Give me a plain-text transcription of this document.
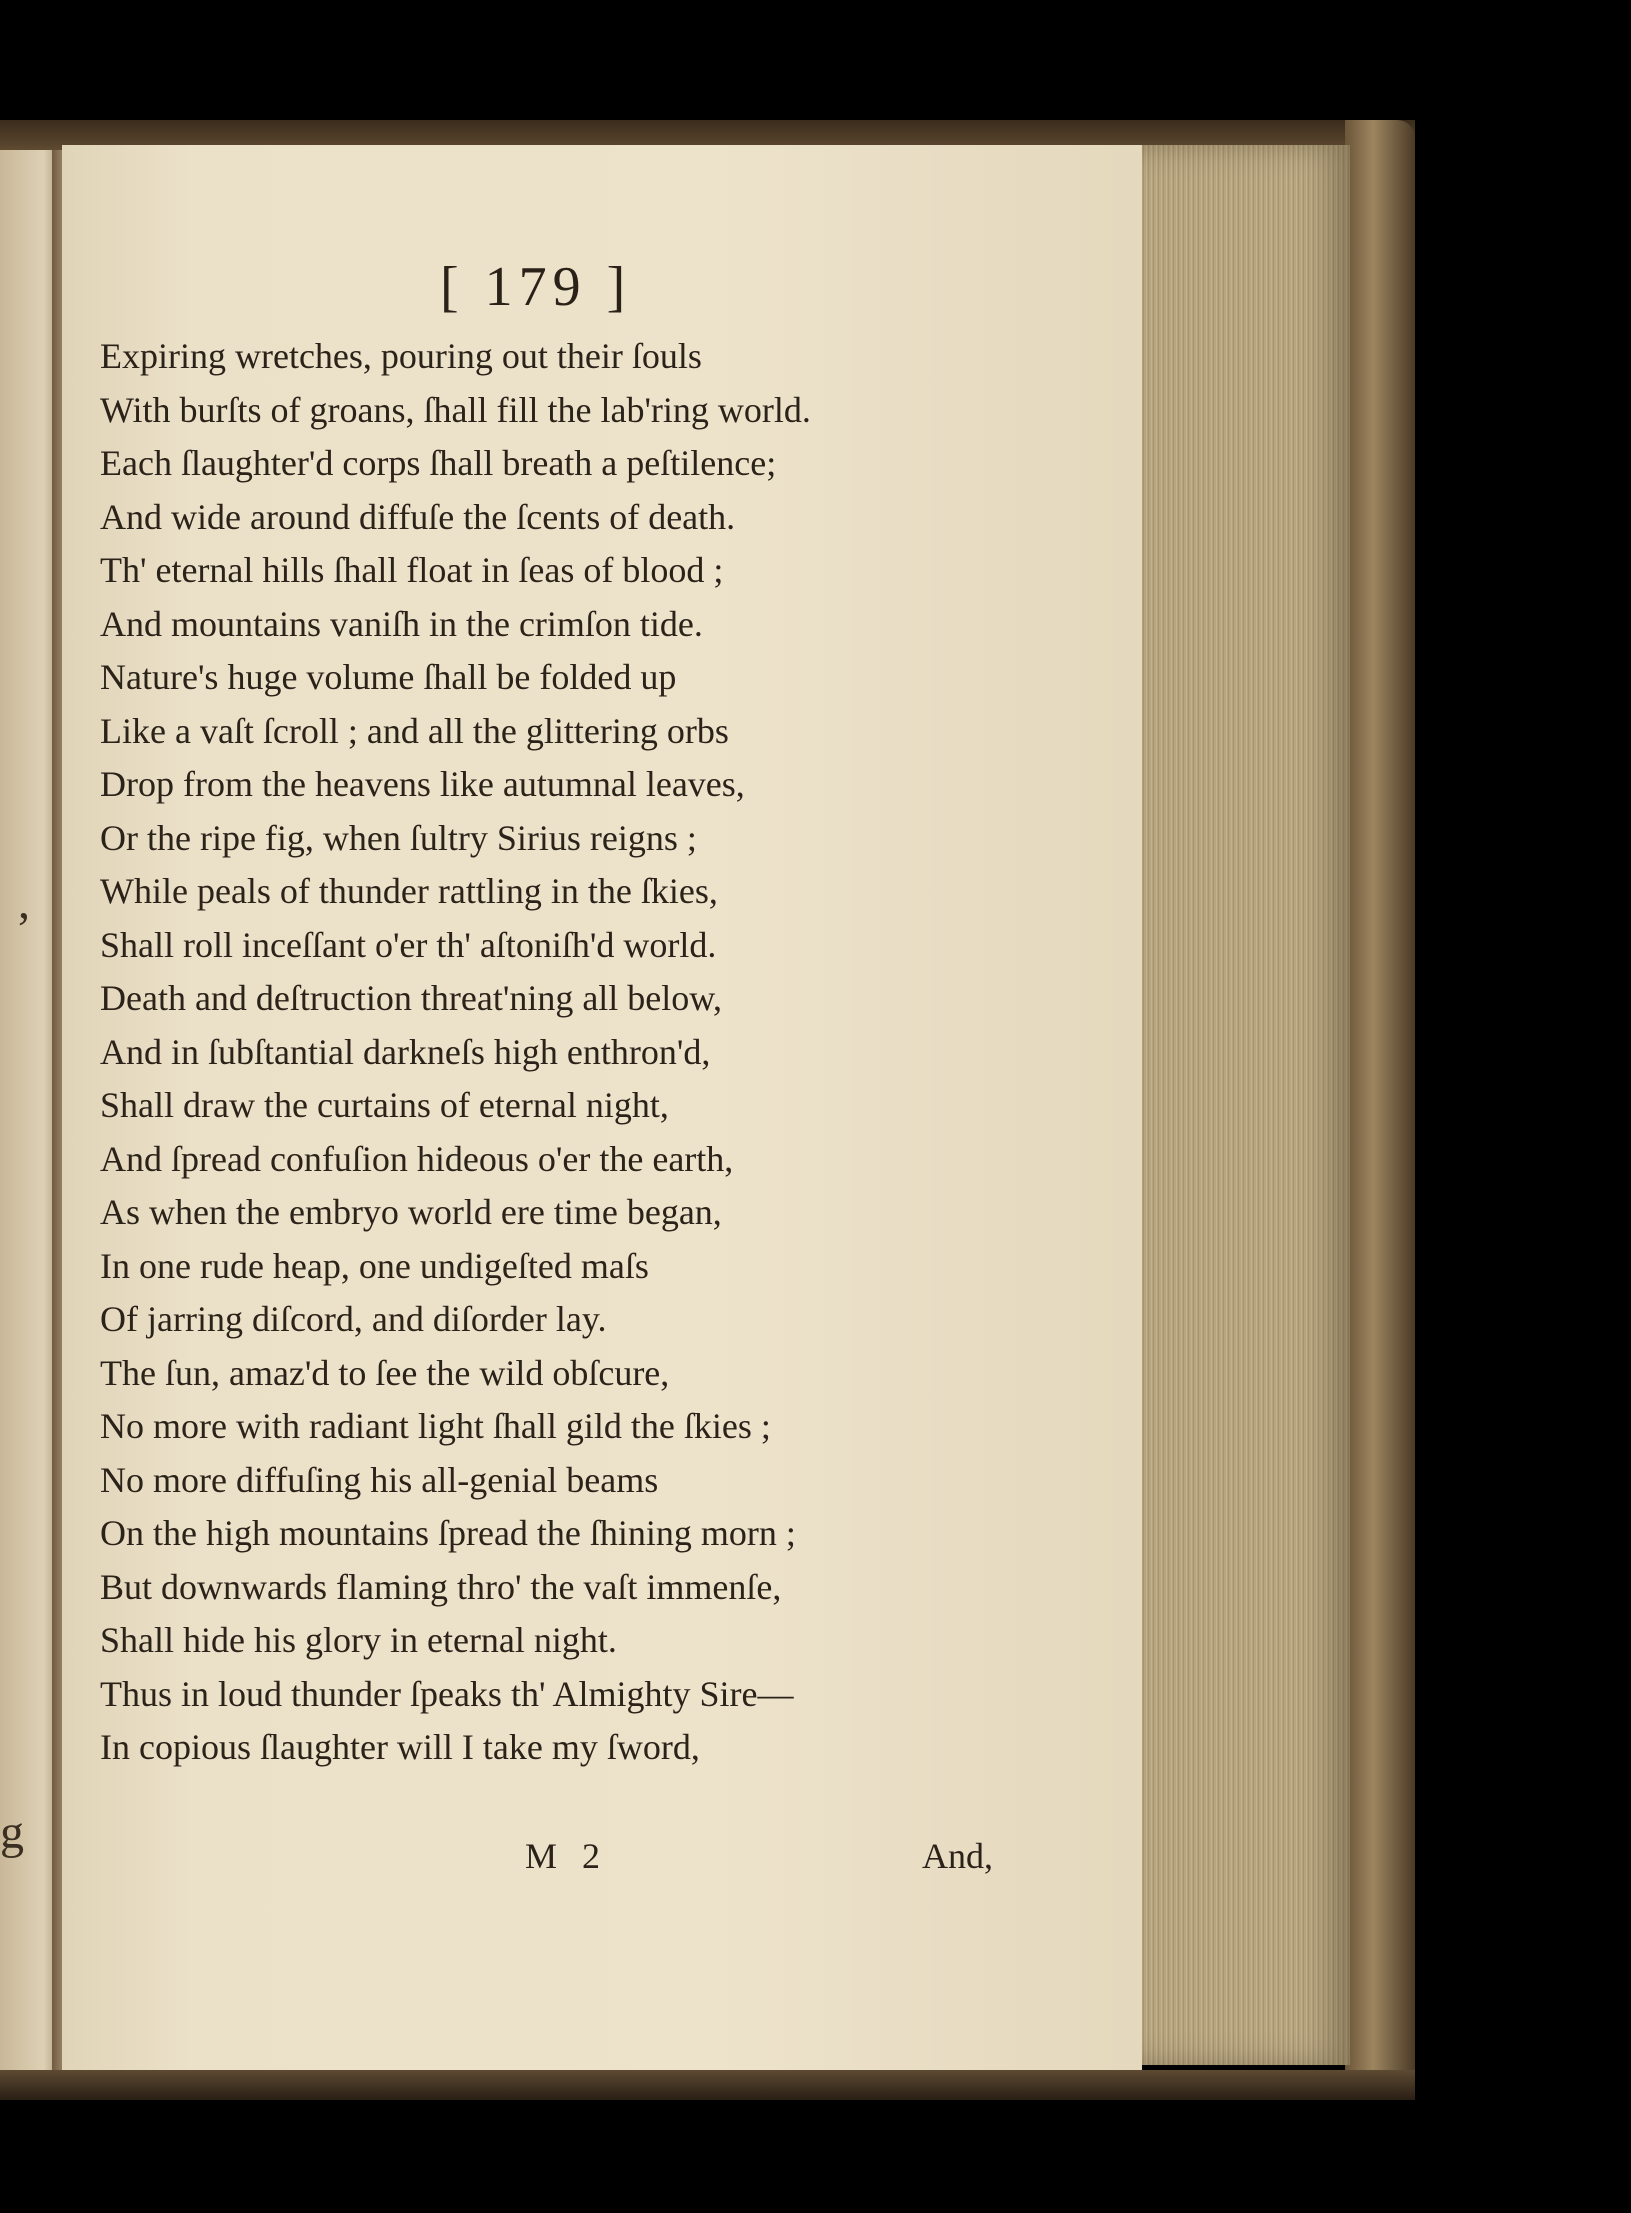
,
g
[ 179 ]
Expiring wretches, pouring out their ſouls
With burſts of groans, ſhall fill the lab'ring world.
Each ſlaughter'd corps ſhall breath a peſtilence;
And wide around diffuſe the ſcents of death.
Th' eternal hills ſhall float in ſeas of blood ;
And mountains vaniſh in the crimſon tide.
Nature's huge volume ſhall be folded up
Like a vaſt ſcroll ; and all the glittering orbs
Drop from the heavens like autumnal leaves,
Or the ripe fig, when ſultry Sirius reigns ;
While peals of thunder rattling in the ſkies,
Shall roll inceſſant o'er th' aſtoniſh'd world.
Death and deſtruction threat'ning all below,
And in ſubſtantial darkneſs high enthron'd,
Shall draw the curtains of eternal night,
And ſpread confuſion hideous o'er the earth,
As when the embryo world ere time began,
In one rude heap, one undigeſted maſs
Of jarring diſcord, and diſorder lay.
The ſun, amaz'd to ſee the wild obſcure,
No more with radiant light ſhall gild the ſkies ;
No more diffuſing his all-genial beams
On the high mountains ſpread the ſhining morn ;
But downwards flaming thro' the vaſt immenſe,
Shall hide his glory in eternal night.
Thus in loud thunder ſpeaks th' Almighty Sire—
In copious ſlaughter will I take my ſword,
M 2	And,
